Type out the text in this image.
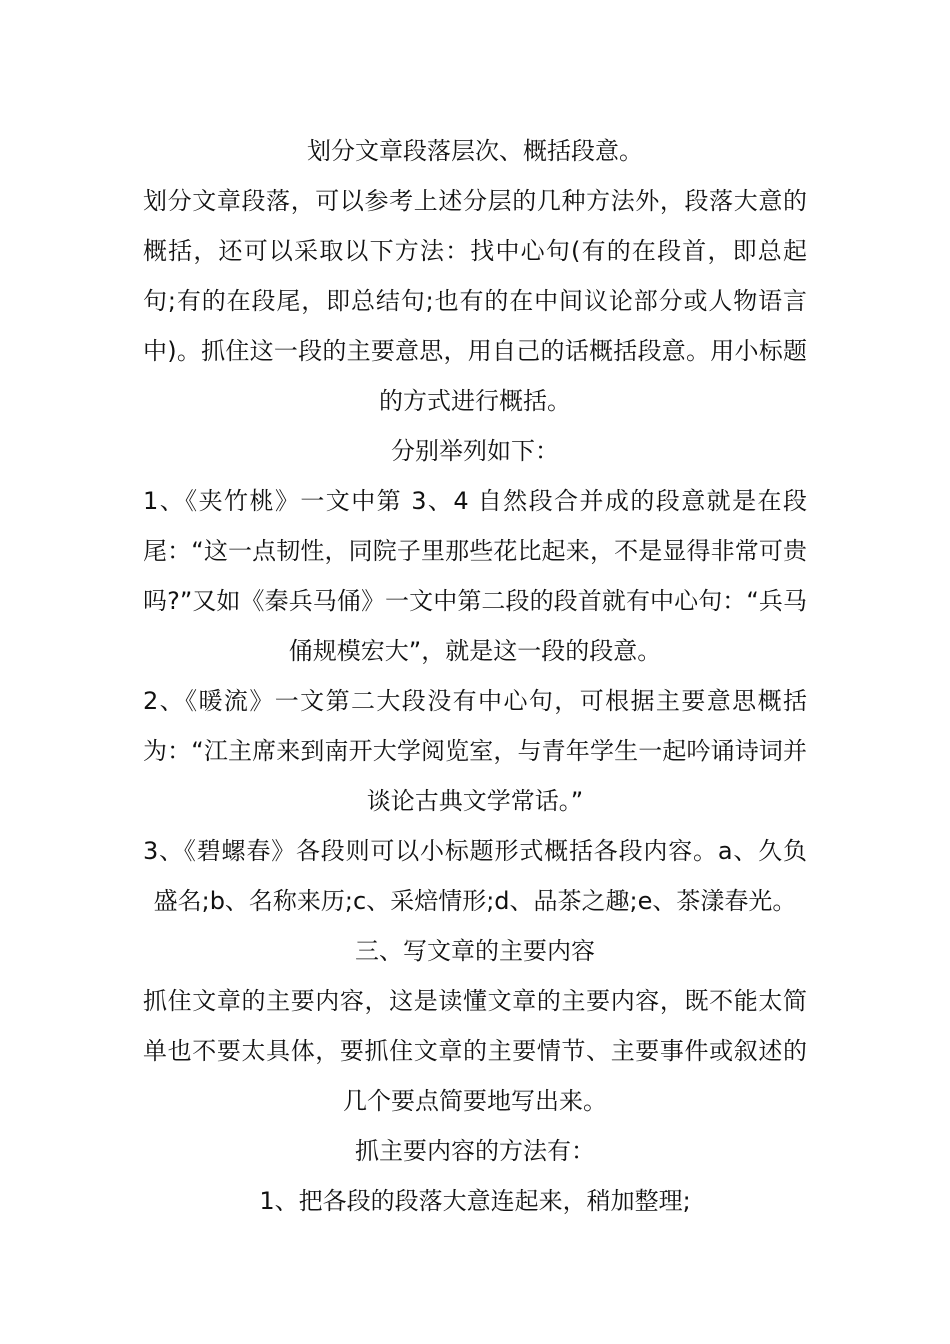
划分文章段落层次、概括段意。

划分文章段落，可以参考上述分层的几种方法外，段落大意的概括，还可以采取以下方法：找中心句(有的在段首，即总起句;有的在段尾，即总结句;也有的在中间议论部分或人物语言中)。抓住这一段的主要意思，用自己的话概括段意。用小标题的方式进行概括。

分别举列如下：

1、《夹竹桃》一文中第 3、4 自然段合并成的段意就是在段尾：“这一点韧性，同院子里那些花比起来，不是显得非常可贵吗?”又如《秦兵马俑》一文中第二段的段首就有中心句：“兵马俑规模宏大”，就是这一段的段意。

2、《暖流》一文第二大段没有中心句，可根据主要意思概括为：“江主席来到南开大学阅览室，与青年学生一起吟诵诗词并谈论古典文学常话。”

3、《碧螺春》各段则可以小标题形式概括各段内容。a、久负盛名;b、名称来历;c、采焙情形;d、品茶之趣;e、茶漾春光。

三、写文章的主要内容

抓住文章的主要内容，这是读懂文章的主要内容，既不能太简单也不要太具体，要抓住文章的主要情节、主要事件或叙述的几个要点简要地写出来。

抓主要内容的方法有：

1、把各段的段落大意连起来，稍加整理;
